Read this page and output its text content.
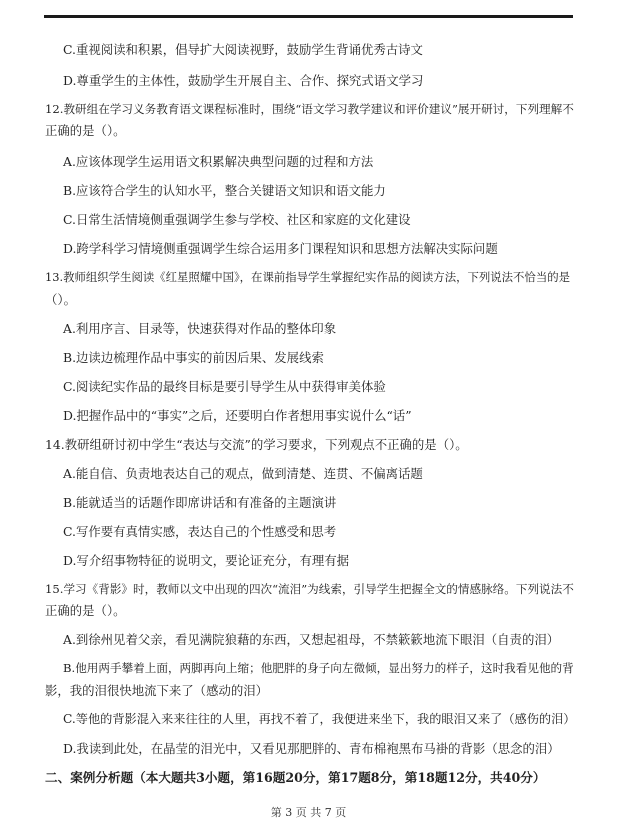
C.重视阅读和积累，倡导扩大阅读视野，鼓励学生背诵优秀古诗文
D.尊重学生的主体性，鼓励学生开展自主、合作、探究式语文学习
12.教研组在学习义务教育语文课程标准时，围绕“语文学习教学建议和评价建议”展开研讨，下列理解不
正确的是（）。
A.应该体现学生运用语文积累解决典型问题的过程和方法
B.应该符合学生的认知水平，整合关键语文知识和语文能力
C.日常生活情境侧重强调学生参与学校、社区和家庭的文化建设
D.跨学科学习情境侧重强调学生综合运用多门课程知识和思想方法解决实际问题
13.教师组织学生阅读《红星照耀中国》，在课前指导学生掌握纪实作品的阅读方法，下列说法不恰当的是
（）。
A.利用序言、目录等，快速获得对作品的整体印象
B.边读边梳理作品中事实的前因后果、发展线索
C.阅读纪实作品的最终目标是要引导学生从中获得审美体验
D.把握作品中的“事实”之后，还要明白作者想用事实说什么“话”
14.教研组研讨初中学生“表达与交流”的学习要求，下列观点不正确的是（）。
A.能自信、负责地表达自己的观点，做到清楚、连贯、不偏离话题
B.能就适当的话题作即席讲话和有准备的主题演讲
C.写作要有真情实感，表达自己的个性感受和思考
D.写介绍事物特征的说明文，要论证充分，有理有据
15.学习《背影》时，教师以文中出现的四次“流泪”为线索，引导学生把握全文的情感脉络。下列说法不
正确的是（）。
A.到徐州见着父亲，看见满院狼藉的东西，又想起祖母，不禁簌簌地流下眼泪（自责的泪）
B.他用两手攀着上面，两脚再向上缩；他肥胖的身子向左微倾，显出努力的样子，这时我看见他的背
影，我的泪很快地流下来了（感动的泪）
C.等他的背影混入来来往往的人里，再找不着了，我便进来坐下，我的眼泪又来了（感伤的泪）
D.我读到此处，在晶莹的泪光中，又看见那肥胖的、青布棉袍黑布马褂的背影（思念的泪）
二、案例分析题（本大题共3小题，第16题20分，第17题8分，第18题12分，共40分）
第 3 页 共 7 页
